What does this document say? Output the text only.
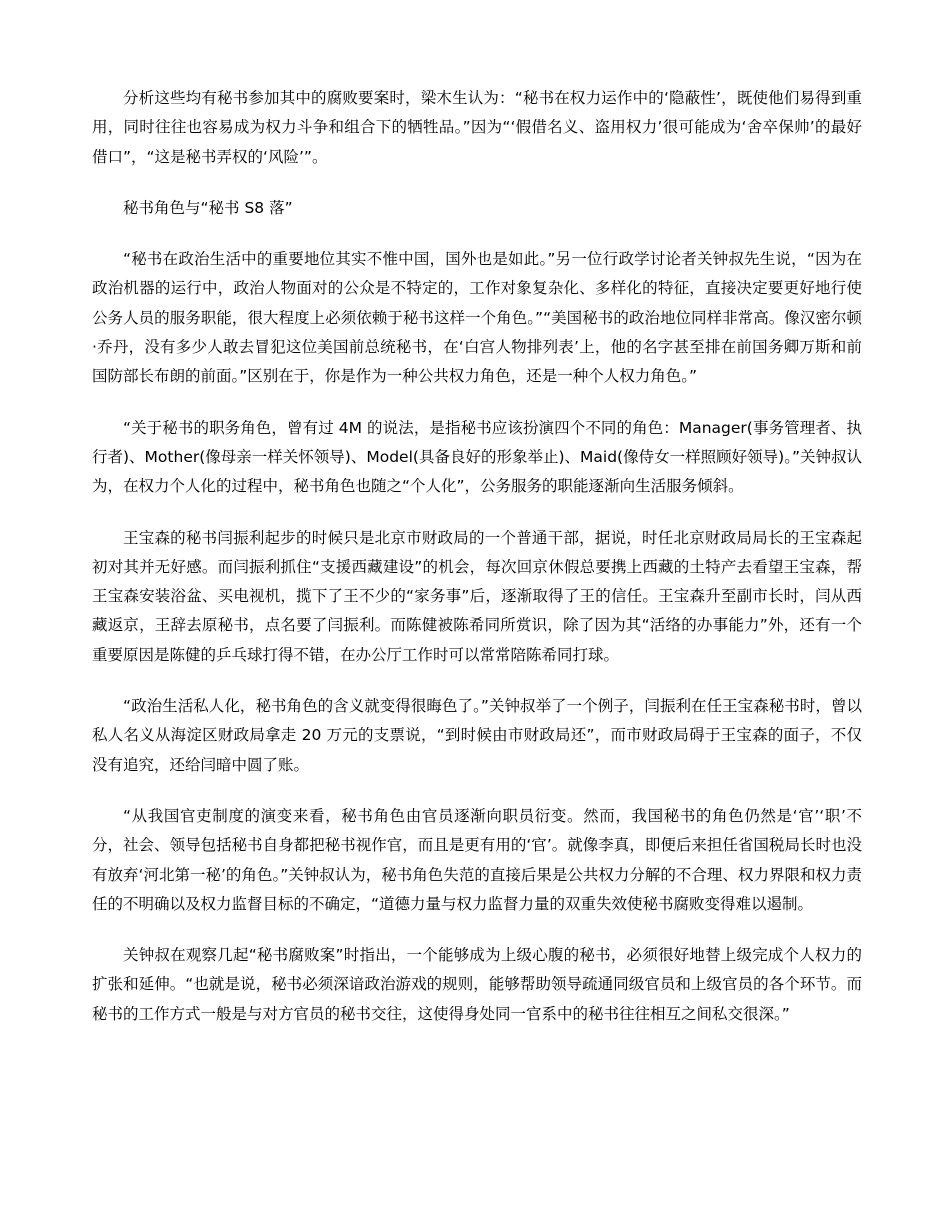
分析这些均有秘书参加其中的腐败要案时，梁木生认为：“秘书在权力运作中的‘隐蔽性’，既使他们易得到重用，同时往往也容易成为权力斗争和组合下的牺牲品。”因为“‘假借名义、盗用权力’很可能成为‘舍卒保帅’的最好借口”，“这是秘书弄权的‘风险’”。

秘书角色与“秘书 S8 落”

“秘书在政治生活中的重要地位其实不惟中国，国外也是如此。”另一位行政学讨论者关钟叔先生说，“因为在政治机器的运行中，政治人物面对的公众是不特定的，工作对象复杂化、多样化的特征，直接决定要更好地行使公务人员的服务职能，很大程度上必须依赖于秘书这样一个角色。”“美国秘书的政治地位同样非常高。像汉密尔顿·乔丹，没有多少人敢去冒犯这位美国前总统秘书，在‘白宫人物排列表’上，他的名字甚至排在前国务卿万斯和前国防部长布朗的前面。”区别在于，你是作为一种公共权力角色，还是一种个人权力角色。”

“关于秘书的职务角色，曾有过 4M 的说法，是指秘书应该扮演四个不同的角色：Manager(事务管理者、执行者)、Mother(像母亲一样关怀领导)、Model(具备良好的形象举止)、Maid(像侍女一样照顾好领导)。”关钟叔认为，在权力个人化的过程中，秘书角色也随之“个人化”，公务服务的职能逐渐向生活服务倾斜。

王宝森的秘书闫振利起步的时候只是北京市财政局的一个普通干部，据说，时任北京财政局局长的王宝森起初对其并无好感。而闫振利抓住“支援西藏建设”的机会，每次回京休假总要携上西藏的土特产去看望王宝森，帮王宝森安装浴盆、买电视机，揽下了王不少的“家务事”后，逐渐取得了王的信任。王宝森升至副市长时，闫从西藏返京，王辞去原秘书，点名要了闫振利。而陈健被陈希同所赏识，除了因为其“活络的办事能力”外，还有一个重要原因是陈健的乒乓球打得不错，在办公厅工作时可以常常陪陈希同打球。

“政治生活私人化，秘书角色的含义就变得很晦色了。”关钟叔举了一个例子，闫振利在任王宝森秘书时，曾以私人名义从海淀区财政局拿走 20 万元的支票说，“到时候由市财政局还”，而市财政局碍于王宝森的面子，不仅没有追究，还给闫暗中圆了账。

“从我国官吏制度的演变来看，秘书角色由官员逐渐向职员衍变。然而，我国秘书的角色仍然是‘官’‘职’不分，社会、领导包括秘书自身都把秘书视作官，而且是更有用的‘官’。就像李真，即便后来担任省国税局长时也没有放弃‘河北第一秘’的角色。”关钟叔认为，秘书角色失范的直接后果是公共权力分解的不合理、权力界限和权力责任的不明确以及权力监督目标的不确定，“道德力量与权力监督力量的双重失效使秘书腐败变得难以遏制。

关钟叔在观察几起“秘书腐败案”时指出，一个能够成为上级心腹的秘书，必须很好地替上级完成个人权力的扩张和延伸。“也就是说，秘书必须深谙政治游戏的规则，能够帮助领导疏通同级官员和上级官员的各个环节。而秘书的工作方式一般是与对方官员的秘书交往，这使得身处同一官系中的秘书往往相互之间私交很深。”
